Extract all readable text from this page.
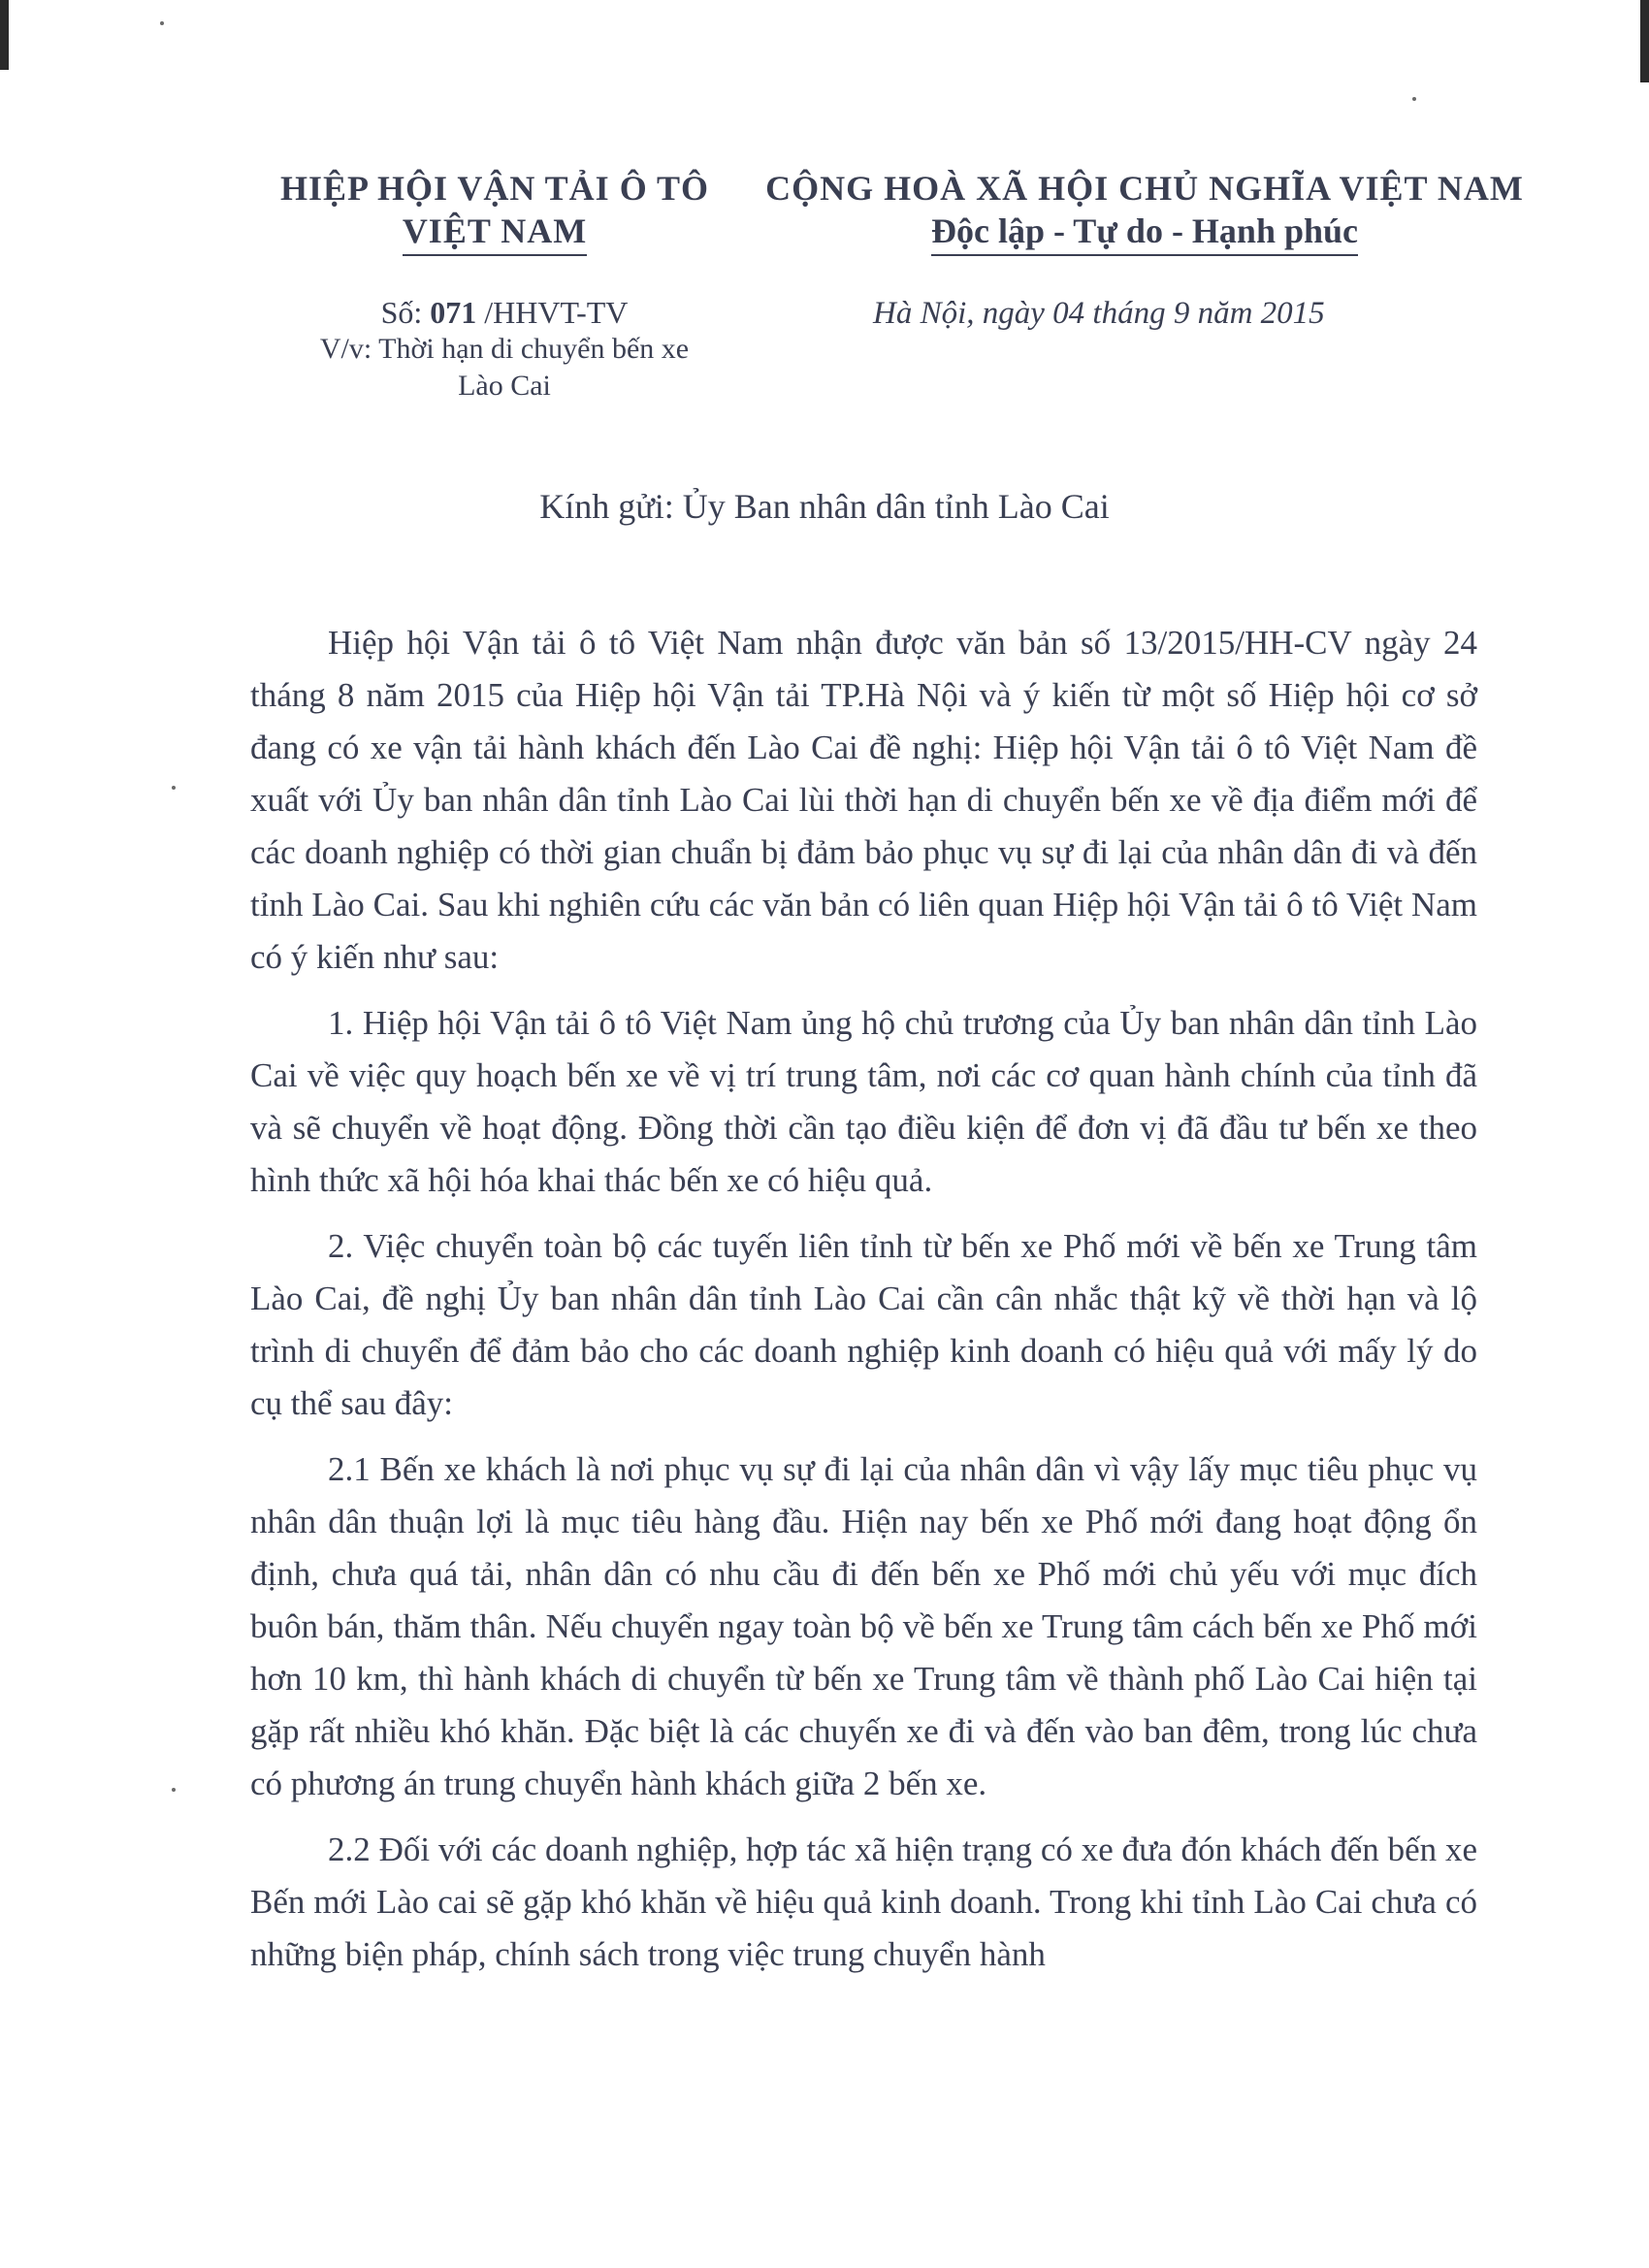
HIỆP HỘI VẬN TẢI Ô TÔ
VIỆT NAM
CỘNG HOÀ XÃ HỘI CHỦ NGHĨA VIỆT NAM
Độc lập - Tự do - Hạnh phúc
Số: 071 /HHVT-TV
V/v: Thời hạn di chuyển bến xe
Lào Cai
Hà Nội, ngày 04 tháng 9 năm 2015
Kính gửi: Ủy Ban nhân dân tỉnh Lào Cai

Hiệp hội Vận tải ô tô Việt Nam nhận được văn bản số 13/2015/HH-CV ngày 24 tháng 8 năm 2015 của Hiệp hội Vận tải TP.Hà Nội và ý kiến từ một số Hiệp hội cơ sở đang có xe vận tải hành khách đến Lào Cai đề nghị: Hiệp hội Vận tải ô tô Việt Nam đề xuất với Ủy ban nhân dân tỉnh Lào Cai lùi thời hạn di chuyển bến xe về địa điểm mới để các doanh nghiệp có thời gian chuẩn bị đảm bảo phục vụ sự đi lại của nhân dân đi và đến tỉnh Lào Cai. Sau khi nghiên cứu các văn bản có liên quan Hiệp hội Vận tải ô tô Việt Nam có ý kiến như sau:

1. Hiệp hội Vận tải ô tô Việt Nam ủng hộ chủ trương của Ủy ban nhân dân tỉnh Lào Cai về việc quy hoạch bến xe về vị trí trung tâm, nơi các cơ quan hành chính của tỉnh đã và sẽ chuyển về hoạt động. Đồng thời cần tạo điều kiện để đơn vị đã đầu tư bến xe theo hình thức xã hội hóa khai thác bến xe có hiệu quả.

2. Việc chuyển toàn bộ các tuyến liên tỉnh từ bến xe Phố mới về bến xe Trung tâm Lào Cai, đề nghị Ủy ban nhân dân tỉnh Lào Cai cần cân nhắc thật kỹ về thời hạn và lộ trình di chuyển để đảm bảo cho các doanh nghiệp kinh doanh có hiệu quả với mấy lý do cụ thể sau đây:

2.1 Bến xe khách là nơi phục vụ sự đi lại của nhân dân vì vậy lấy mục tiêu phục vụ nhân dân thuận lợi là mục tiêu hàng đầu. Hiện nay bến xe Phố mới đang hoạt động ổn định, chưa quá tải, nhân dân có nhu cầu đi đến bến xe Phố mới chủ yếu với mục đích buôn bán, thăm thân. Nếu chuyển ngay toàn bộ về bến xe Trung tâm cách bến xe Phố mới hơn 10 km, thì hành khách di chuyển từ bến xe Trung tâm về thành phố Lào Cai hiện tại gặp rất nhiều khó khăn. Đặc biệt là các chuyến xe đi và đến vào ban đêm, trong lúc chưa có phương án trung chuyển hành khách giữa 2 bến xe.

2.2 Đối với các doanh nghiệp, hợp tác xã hiện trạng có xe đưa đón khách đến bến xe Bến mới Lào cai sẽ gặp khó khăn về hiệu quả kinh doanh. Trong khi tỉnh Lào Cai chưa có những biện pháp, chính sách trong việc trung chuyển hành
